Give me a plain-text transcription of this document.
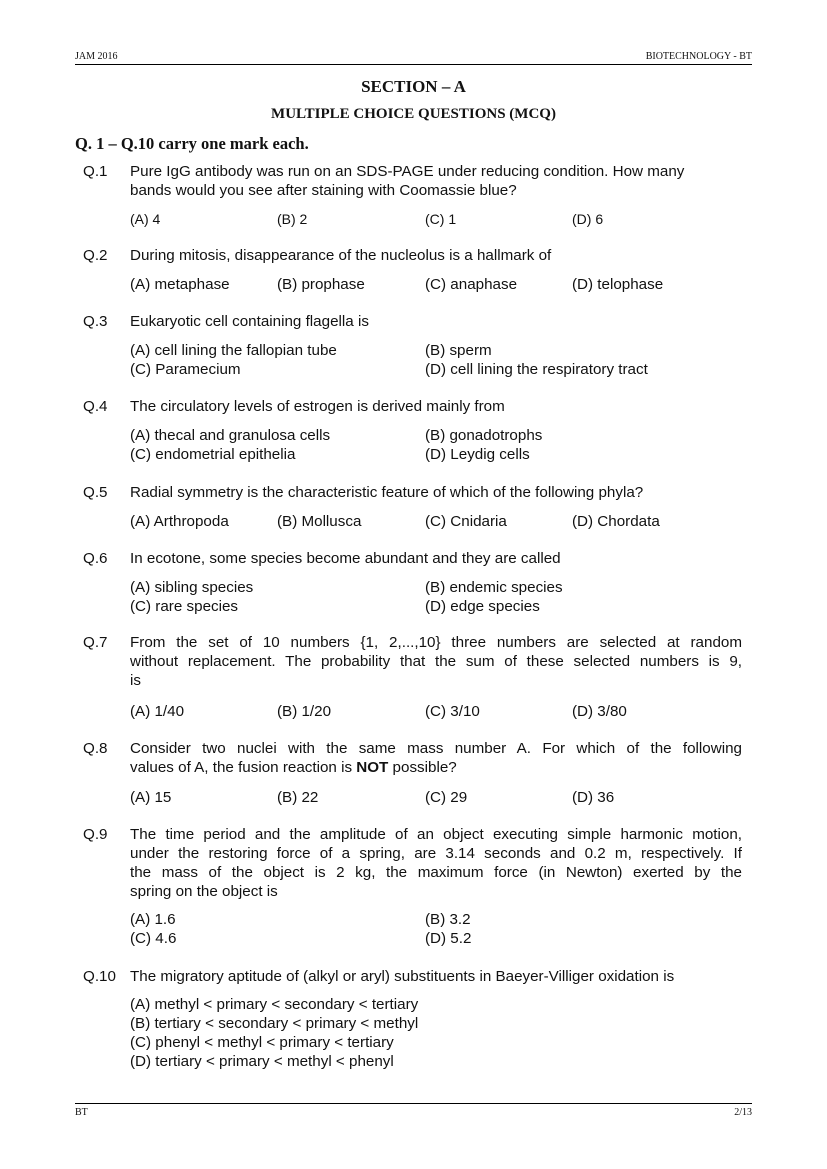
JAM 2016	BIOTECHNOLOGY - BT
SECTION – A
MULTIPLE CHOICE QUESTIONS (MCQ)
Q. 1 – Q.10 carry one mark each.
Q.1 Pure IgG antibody was run on an SDS-PAGE under reducing condition. How many
bands would you see after staining with Coomassie blue?
(A) 4	(B) 2	(C) 1	(D) 6
Q.2 During mitosis, disappearance of the nucleolus is a hallmark of
(A) metaphase	(B) prophase	(C) anaphase	(D) telophase
Q.3 Eukaryotic cell containing flagella is
(A) cell lining the fallopian tube	(B) sperm
(C) Paramecium	(D) cell lining the respiratory tract
Q.4 The circulatory levels of estrogen is derived mainly from
(A) thecal and granulosa cells	(B) gonadotrophs
(C) endometrial epithelia	(D) Leydig cells
Q.5 Radial symmetry is the characteristic feature of which of the following phyla?
(A) Arthropoda	(B) Mollusca	(C) Cnidaria	(D) Chordata
Q.6 In ecotone, some species become abundant and they are called
(A) sibling species	(B) endemic species
(C) rare species	(D) edge species
Q.7 From the set of 10 numbers {1, 2,...,10} three numbers are selected at random
without replacement. The probability that the sum of these selected numbers is 9,
is
(A) 1/40	(B) 1/20	(C) 3/10	(D) 3/80
Q.8 Consider two nuclei with the same mass number A. For which of the following
values of A, the fusion reaction is NOT possible?
(A) 15	(B) 22	(C) 29	(D) 36
Q.9 The time period and the amplitude of an object executing simple harmonic motion,
under the restoring force of a spring, are 3.14 seconds and 0.2 m, respectively. If
the mass of the object is 2 kg, the maximum force (in Newton) exerted by the
spring on the object is
(A) 1.6	(B) 3.2
(C) 4.6	(D) 5.2
Q.10 The migratory aptitude of (alkyl or aryl) substituents in Baeyer-Villiger oxidation is
(A) methyl < primary < secondary < tertiary
(B) tertiary < secondary < primary < methyl
(C) phenyl < methyl < primary < tertiary
(D) tertiary < primary < methyl < phenyl
BT	2/13
